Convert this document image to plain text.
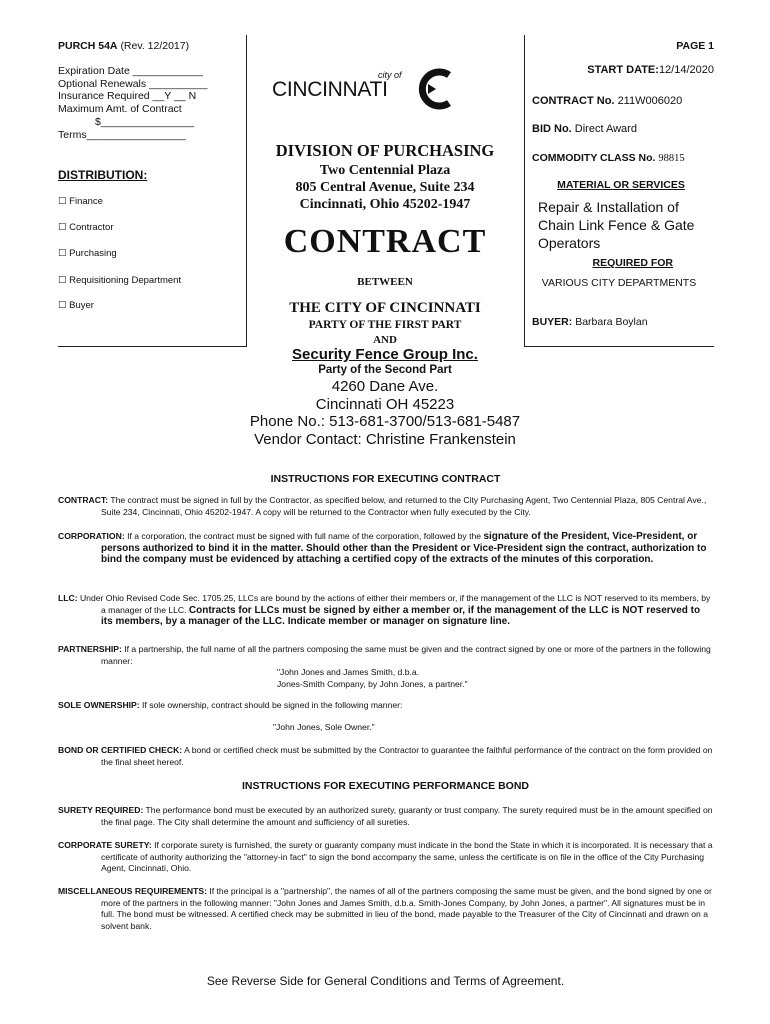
PURCH 54A (Rev. 12/2017)	PAGE 1
Expiration Date ____________
Optional Renewals __________
Insurance Required __Y __ N
Maximum Amt. of Contract
$________________
Terms_________________
DISTRIBUTION:
☐ Finance
☐ Contractor
☐ Purchasing
☐ Requisitioning Department
☐ Buyer
city of
CINCINNATI
DIVISION OF PURCHASING
Two Centennial Plaza
805 Central Avenue, Suite 234
Cincinnati, Ohio 45202-1947
CONTRACT
BETWEEN
THE CITY OF CINCINNATI
PARTY OF THE FIRST PART
AND
Security Fence Group Inc.
Party of the Second Part
4260 Dane Ave.
Cincinnati OH 45223
Phone No.: 513-681-3700/513-681-5487
Vendor Contact: Christine Frankenstein
START DATE:12/14/2020
CONTRACT No. 211W006020
BID No. Direct Award
COMMODITY CLASS No. 98815
MATERIAL OR SERVICES
Repair & Installation of Chain Link Fence & Gate Operators
REQUIRED FOR
VARIOUS CITY DEPARTMENTS
BUYER: Barbara Boylan
INSTRUCTIONS FOR EXECUTING CONTRACT
CONTRACT: The contract must be signed in full by the Contractor, as specified below, and returned to the City Purchasing Agent, Two Centennial Plaza, 805 Central Ave., Suite 234, Cincinnati, Ohio 45202-1947. A copy will be returned to the Contractor when fully executed by the City.
CORPORATION: If a corporation, the contract must be signed with full name of the corporation, followed by the signature of the President, Vice-President, or persons authorized to bind it in the matter. Should other than the President or Vice-President sign the contract, authorization to bind the company must be evidenced by attaching a certified copy of the extracts of the minutes of this corporation.
LLC: Under Ohio Revised Code Sec. 1705.25, LLCs are bound by the actions of either their members or, if the management of the LLC is NOT reserved to its members, by a manager of the LLC. Contracts for LLCs must be signed by either a member or, if the management of the LLC is NOT reserved to its members, by a manager of the LLC. Indicate member or manager on signature line.
PARTNERSHIP: If a partnership, the full name of all the partners composing the same must be given and the contract signed by one or more of the partners in the following manner:
"John Jones and James Smith, d.b.a.
Jones-Smith Company, by John Jones, a partner."
SOLE OWNERSHIP: If sole ownership, contract should be signed in the following manner:
"John Jones, Sole Owner."
BOND OR CERTIFIED CHECK: A bond or certified check must be submitted by the Contractor to guarantee the faithful performance of the contract on the form provided on the final sheet hereof.
INSTRUCTIONS FOR EXECUTING PERFORMANCE BOND
SURETY REQUIRED: The performance bond must be executed by an authorized surety, guaranty or trust company. The surety required must be in the amount specified on the final page. The City shall determine the amount and sufficiency of all sureties.
CORPORATE SURETY: If corporate surety is furnished, the surety or guaranty company must indicate in the bond the State in which it is incorporated. It is necessary that a certificate of authority authorizing the "attorney-in fact" to sign the bond accompany the same, unless the certificate is on file in the office of the City Purchasing Agent, Cincinnati, Ohio.
MISCELLANEOUS REQUIREMENTS: If the principal is a "partnership", the names of all of the partners composing the same must be given, and the bond signed by one or more of the partners in the following manner: "John Jones and James Smith, d.b.a. Smith-Jones Company, by John Jones, a partner". All signatures must be in full. The bond must be witnessed. A certified check may be submitted in lieu of the bond, made payable to the Treasurer of the City of Cincinnati and drawn on a solvent bank.
See Reverse Side for General Conditions and Terms of Agreement.
